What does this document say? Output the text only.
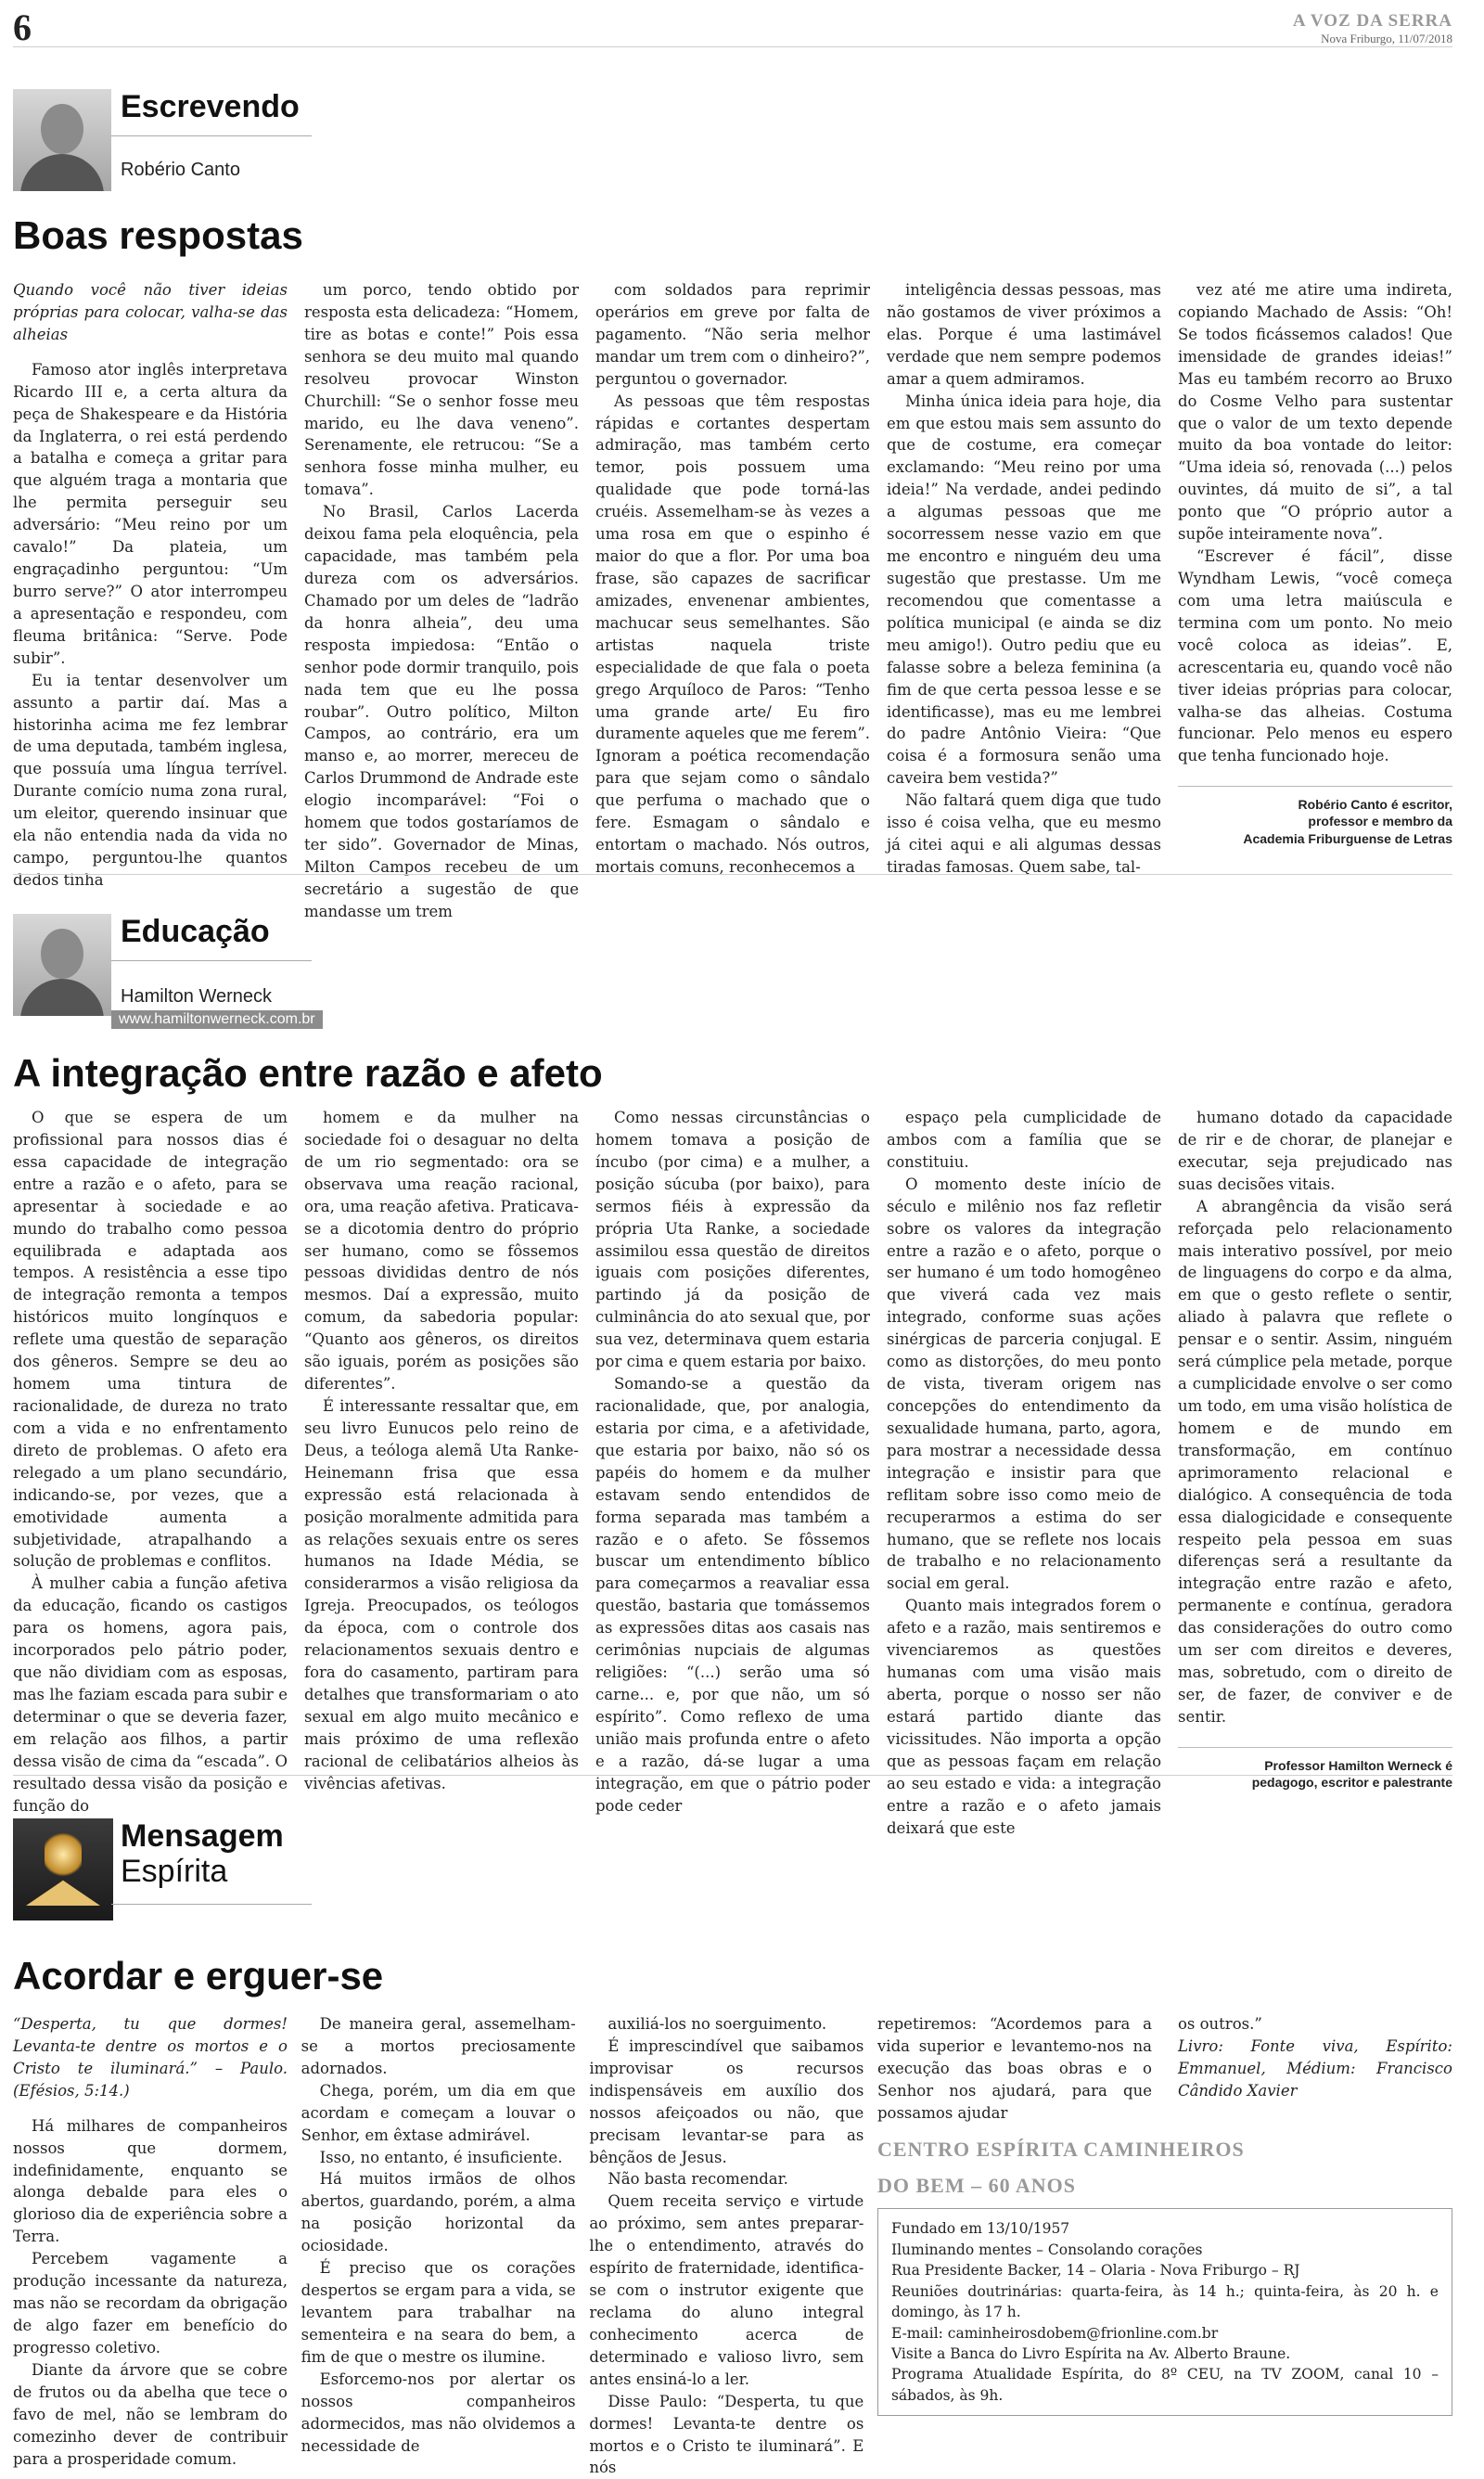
6	A VOZ DA SERRA
Nova Friburgo, 11/07/2018
Escrevendo
Robério Canto
Boas respostas

Quando você não tiver ideias próprias para colocar, valha-se das alheias

Famoso ator inglês interpretava Ricardo III e, a certa altura da peça de Shakespeare e da História da Inglaterra, o rei está perdendo a batalha e começa a gritar para que alguém traga a montaria que lhe permita perseguir seu adversário: “Meu reino por um cavalo!” Da plateia, um engraçadinho perguntou: “Um burro serve?” O ator interrompeu a apresentação e respondeu, com fleuma britânica: “Serve. Pode subir”.

Eu ia tentar desenvolver um assunto a partir daí. Mas a historinha acima me fez lembrar de uma deputada, também inglesa, que possuía uma língua terrível. Durante comício numa zona rural, um eleitor, querendo insinuar que ela não entendia nada da vida no campo, perguntou-lhe quantos dedos tinha

um porco, tendo obtido por resposta esta delicadeza: “Homem, tire as botas e conte!” Pois essa senhora se deu muito mal quando resolveu provocar Winston Churchill: “Se o senhor fosse meu marido, eu lhe dava veneno”. Serenamente, ele retrucou: “Se a senhora fosse minha mulher, eu tomava”.

No Brasil, Carlos Lacerda deixou fama pela eloquência, pela capacidade, mas também pela dureza com os adversários. Chamado por um deles de “ladrão da honra alheia”, deu uma resposta impiedosa: “Então o senhor pode dormir tranquilo, pois nada tem que eu lhe possa roubar”. Outro político, Milton Campos, ao contrário, era um manso e, ao morrer, mereceu de Carlos Drummond de Andrade este elogio incomparável: “Foi o homem que todos gostaríamos de ter sido”. Governador de Minas, Milton Campos recebeu de um secretário a sugestão de que mandasse um trem

com soldados para reprimir operários em greve por falta de pagamento. “Não seria melhor mandar um trem com o dinheiro?”, perguntou o governador.

As pessoas que têm respostas rápidas e cortantes despertam admiração, mas também certo temor, pois possuem uma qualidade que pode torná-las cruéis. Assemelham-se às vezes a uma rosa em que o espinho é maior do que a flor. Por uma boa frase, são capazes de sacrificar amizades, envenenar ambientes, machucar seus semelhantes. São artistas naquela triste especialidade de que fala o poeta grego Arquíloco de Paros: “Tenho uma grande arte/ Eu firo duramente aqueles que me ferem”. Ignoram a poética recomendação para que sejam como o sândalo que perfuma o machado que o fere. Esmagam o sândalo e entortam o machado. Nós outros, mortais comuns, reconhecemos a

inteligência dessas pessoas, mas não gostamos de viver próximos a elas. Porque é uma lastimável verdade que nem sempre podemos amar a quem admiramos.

Minha única ideia para hoje, dia em que estou mais sem assunto do que de costume, era começar exclamando: “Meu reino por uma ideia!” Na verdade, andei pedindo a algumas pessoas que me socorressem nesse vazio em que me encontro e ninguém deu uma sugestão que prestasse. Um me recomendou que comentasse a política municipal (e ainda se diz meu amigo!). Outro pediu que eu falasse sobre a beleza feminina (a fim de que certa pessoa lesse e se identificasse), mas eu me lembrei do padre Antônio Vieira: “Que coisa é a formosura senão uma caveira bem vestida?”

Não faltará quem diga que tudo isso é coisa velha, que eu mesmo já citei aqui e ali algumas dessas tiradas famosas. Quem sabe, tal-

vez até me atire uma indireta, copiando Machado de Assis: “Oh! Se todos ficássemos calados! Que imensidade de grandes ideias!” Mas eu também recorro ao Bruxo do Cosme Velho para sustentar que o valor de um texto depende muito da boa vontade do leitor: “Uma ideia só, renovada (...) pelos ouvintes, dá muito de si”, a tal ponto que “O próprio autor a supõe inteiramente nova”.

“Escrever é fácil”, disse Wyndham Lewis, “você começa com uma letra maiúscula e termina com um ponto. No meio você coloca as ideias”. E, acrescentaria eu, quando você não tiver ideias próprias para colocar, valha-se das alheias. Costuma funcionar. Pelo menos eu espero que tenha funcionado hoje.

Robério Canto é escritor,
professor e membro da
Academia Friburguense de Letras
Educação
Hamilton Werneck
www.hamiltonwerneck.com.br
A integração entre razão e afeto

O que se espera de um profissional para nossos dias é essa capacidade de integração entre a razão e o afeto, para se apresentar à sociedade e ao mundo do trabalho como pessoa equilibrada e adaptada aos tempos. A resistência a esse tipo de integração remonta a tempos históricos muito longínquos e reflete uma questão de separação dos gêneros. Sempre se deu ao homem uma tintura de racionalidade, de dureza no trato com a vida e no enfrentamento direto de problemas. O afeto era relegado a um plano secundário, indicando-se, por vezes, que a emotividade aumenta a subjetividade, atrapalhando a solução de problemas e conflitos.

À mulher cabia a função afetiva da educação, ficando os castigos para os homens, agora pais, incorporados pelo pátrio poder, que não dividiam com as esposas, mas lhe faziam escada para subir e determinar o que se deveria fazer, em relação aos filhos, a partir dessa visão de cima da “escada”. O resultado dessa visão da posição e função do

homem e da mulher na sociedade foi o desaguar no delta de um rio segmentado: ora se observava uma reação racional, ora, uma reação afetiva. Praticava-se a dicotomia dentro do próprio ser humano, como se fôssemos pessoas divididas dentro de nós mesmos. Daí a expressão, muito comum, da sabedoria popular: “Quanto aos gêneros, os direitos são iguais, porém as posições são diferentes”.

É interessante ressaltar que, em seu livro Eunucos pelo reino de Deus, a teóloga alemã Uta Ranke-Heinemann frisa que essa expressão está relacionada à posição moralmente admitida para as relações sexuais entre os seres humanos na Idade Média, se considerarmos a visão religiosa da Igreja. Preocupados, os teólogos da época, com o controle dos relacionamentos sexuais dentro e fora do casamento, partiram para detalhes que transformariam o ato sexual em algo muito mecânico e mais próximo de uma reflexão racional de celibatários alheios às vivências afetivas.

Como nessas circunstâncias o homem tomava a posição de íncubo (por cima) e a mulher, a posição súcuba (por baixo), para sermos fiéis à expressão da própria Uta Ranke, a sociedade assimilou essa questão de direitos iguais com posições diferentes, partindo já da posição de culminância do ato sexual que, por sua vez, determinava quem estaria por cima e quem estaria por baixo.

Somando-se a questão da racionalidade, que, por analogia, estaria por cima, e a afetividade, que estaria por baixo, não só os papéis do homem e da mulher estavam sendo entendidos de forma separada mas também a razão e o afeto. Se fôssemos buscar um entendimento bíblico para começarmos a reavaliar essa questão, bastaria que tomássemos as expressões ditas aos casais nas cerimônias nupciais de algumas religiões: “(...) serão uma só carne... e, por que não, um só espírito”. Como reflexo de uma união mais profunda entre o afeto e a razão, dá-se lugar a uma integração, em que o pátrio poder pode ceder

espaço pela cumplicidade de ambos com a família que se constituiu.

O momento deste início de século e milênio nos faz refletir sobre os valores da integração entre a razão e o afeto, porque o ser humano é um todo homogêneo que viverá cada vez mais integrado, conforme suas ações sinérgicas de parceria conjugal. E como as distorções, do meu ponto de vista, tiveram origem nas concepções do entendimento da sexualidade humana, parto, agora, para mostrar a necessidade dessa integração e insistir para que reflitam sobre isso como meio de recuperarmos a estima do ser humano, que se reflete nos locais de trabalho e no relacionamento social em geral.

Quanto mais integrados forem o afeto e a razão, mais sentiremos e vivenciaremos as questões humanas com uma visão mais aberta, porque o nosso ser não estará partido diante das vicissitudes. Não importa a opção que as pessoas façam em relação ao seu estado e vida: a integração entre a razão e o afeto jamais deixará que este

humano dotado da capacidade de rir e de chorar, de planejar e executar, seja prejudicado nas suas decisões vitais.

A abrangência da visão será reforçada pelo relacionamento mais interativo possível, por meio de linguagens do corpo e da alma, em que o gesto reflete o sentir, aliado à palavra que reflete o pensar e o sentir. Assim, ninguém será cúmplice pela metade, porque a cumplicidade envolve o ser como um todo, em uma visão holística de homem e de mundo em transformação, em contínuo aprimoramento relacional e dialógico. A consequência de toda essa dialogicidade e consequente respeito pela pessoa em suas diferenças será a resultante da integração entre razão e afeto, permanente e contínua, geradora das considerações do outro como um ser com direitos e deveres, mas, sobretudo, com o direito de ser, de fazer, de conviver e de sentir.

Professor Hamilton Werneck é
pedagogo, escritor e palestrante
Mensagem
Espírita
Acordar e erguer-se

“Desperta, tu que dormes! Levanta-te dentre os mortos e o Cristo te iluminará.” – Paulo. (Efésios, 5:14.)

Há milhares de companheiros nossos que dormem, indefinidamente, enquanto se alonga debalde para eles o glorioso dia de experiência sobre a Terra.

Percebem vagamente a produção incessante da natureza, mas não se recordam da obrigação de algo fazer em benefício do progresso coletivo.

Diante da árvore que se cobre de frutos ou da abelha que tece o favo de mel, não se lembram do comezinho dever de contribuir para a prosperidade comum.

De maneira geral, assemelham-se a mortos preciosamente adornados.

Chega, porém, um dia em que acordam e começam a louvar o Senhor, em êxtase admirável.

Isso, no entanto, é insuficiente.

Há muitos irmãos de olhos abertos, guardando, porém, a alma na posição horizontal da ociosidade.

É preciso que os corações despertos se ergam para a vida, se levantem para trabalhar na sementeira e na seara do bem, a fim de que o mestre os ilumine.

Esforcemo-nos por alertar os nossos companheiros adormecidos, mas não olvidemos a necessidade de

auxiliá-los no soerguimento.

É imprescindível que saibamos improvisar os recursos indispensáveis em auxílio dos nossos afeiçoados ou não, que precisam levantar-se para as bênçãos de Jesus.

Não basta recomendar.

Quem receita serviço e virtude ao próximo, sem antes preparar-lhe o entendimento, através do espírito de fraternidade, identifica-se com o instrutor exigente que reclama do aluno integral conhecimento acerca de determinado e valioso livro, sem antes ensiná-lo a ler.

Disse Paulo: “Desperta, tu que dormes! Levanta-te dentre os mortos e o Cristo te iluminará”. E nós

repetiremos: “Acordemos para a vida superior e levantemo-nos na execução das boas obras e o Senhor nos ajudará, para que possamos ajudar

os outros.”

Livro: Fonte viva, Espírito: Emmanuel, Médium: Francisco Cândido Xavier

CENTRO ESPÍRITA CAMINHEIROS
DO BEM – 60 ANOS
Fundado em 13/10/1957
Iluminando mentes – Consolando corações
Rua Presidente Backer, 14 – Olaria - Nova Friburgo – RJ
Reuniões doutrinárias: quarta-feira, às 14 h.; quinta-feira, às 20 h. e domingo, às 17 h.
E-mail: caminheirosdobem@frionline.com.br
Visite a Banca do Livro Espírita na Av. Alberto Braune.
Programa Atualidade Espírita, do 8º CEU, na TV ZOOM, canal 10 – sábados, às 9h.
